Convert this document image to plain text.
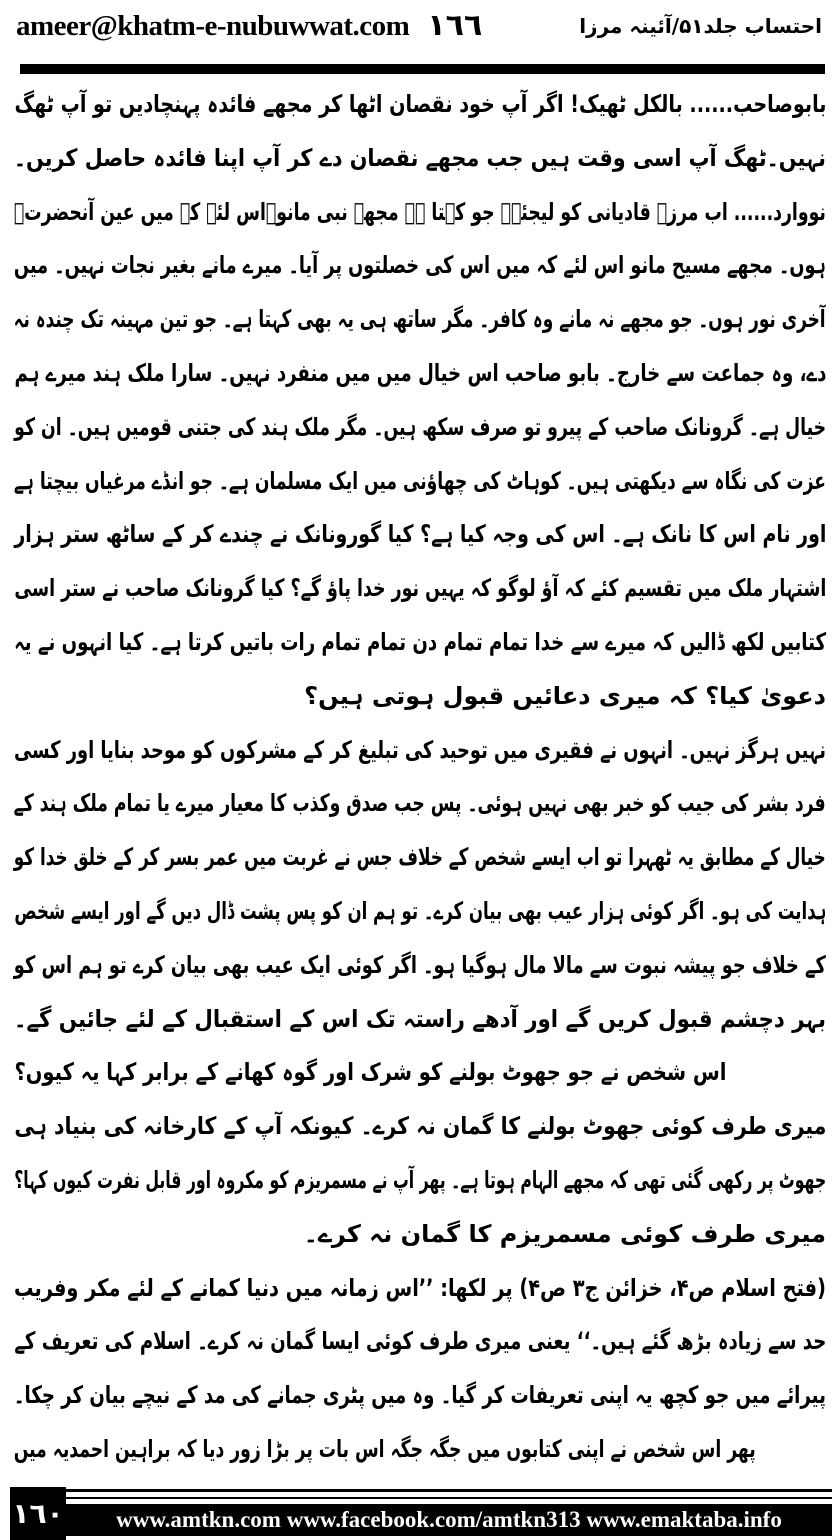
ameer@khatm-e-nubuwwat.com ١٦٦	احتساب جلد۵۱/آئینہ مرزا
بابوصاحب...... بالکل ٹھیک! اگر آپ خود نقصان اٹھا کر مجھے فائدہ پہنچادیں تو آپ ٹھگ
نہیں۔ٹھگ آپ اسی وقت ہیں جب مجھے نقصان دے کر آپ اپنا فائدہ حاصل کریں۔
نووارد...... اب مرزے قادیانی کو لیجئے۔ جو کہتا ہے مجھے نبی مانو۔اس لئے کہ میں عین آنحضرتؐ
ہوں۔ مجھے مسیح مانو اس لئے کہ میں اس کی خصلتوں پر آیا۔ میرے مانے بغیر نجات نہیں۔ میں
آخری نور ہوں۔ جو مجھے نہ مانے وہ کافر۔ مگر ساتھ ہی یہ بھی کہتا ہے۔ جو تین مہینہ تک چندہ نہ
دے، وہ جماعت سے خارج۔ بابو صاحب اس خیال میں میں منفرد نہیں۔ سارا ملک ہند میرے ہم
خیال ہے۔ گرونانک صاحب کے پیرو تو صرف سکھ ہیں۔ مگر ملک ہند کی جتنی قومیں ہیں۔ ان کو
عزت کی نگاہ سے دیکھتی ہیں۔ کوہاٹ کی چھاؤنی میں ایک مسلمان ہے۔ جو انڈے مرغیاں بیچتا ہے
اور نام اس کا نانک ہے۔ اس کی وجہ کیا ہے؟ کیا گورونانک نے چندے کر کے ساٹھ ستر ہزار
اشتہار ملک میں تقسیم کئے کہ آؤ لوگو کہ یہیں نور خدا پاؤ گے؟ کیا گرونانک صاحب نے ستر اسی
کتابیں لکھ ڈالیں کہ میرے سے خدا تمام تمام دن تمام تمام رات باتیں کرتا ہے۔ کیا انہوں نے یہ
دعویٰ کیا؟ کہ میری دعائیں قبول ہوتی ہیں؟
نہیں ہرگز نہیں۔ انہوں نے فقیری میں توحید کی تبلیغ کر کے مشرکوں کو موحد بنایا اور کسی
فرد بشر کی جیب کو خبر بھی نہیں ہوئی۔ پس جب صدق وکذب کا معیار میرے یا تمام ملک ہند کے
خیال کے مطابق یہ ٹھہرا تو اب ایسے شخص کے خلاف جس نے غربت میں عمر بسر کر کے خلق خدا کو
ہدایت کی ہو۔ اگر کوئی ہزار عیب بھی بیان کرے۔ تو ہم ان کو پس پشت ڈال دیں گے اور ایسے شخص
کے خلاف جو پیشہ نبوت سے مالا مال ہوگیا ہو۔ اگر کوئی ایک عیب بھی بیان کرے تو ہم اس کو
بہر دچشم قبول کریں گے اور آدھے راستہ تک اس کے استقبال کے لئے جائیں گے۔
اس شخص نے جو جھوٹ بولنے کو شرک اور گوہ کھانے کے برابر کہا یہ کیوں؟
میری طرف کوئی جھوٹ بولنے کا گمان نہ کرے۔ کیونکہ آپ کے کارخانہ کی بنیاد ہی
جھوٹ پر رکھی گئی تھی کہ مجھے الہام ہوتا ہے۔ پھر آپ نے مسمریزم کو مکروہ اور قابل نفرت کیوں کہا؟
میری طرف کوئی مسمریزم کا گمان نہ کرے۔
(فتح اسلام ص۴، خزائن ج۳ ص۴) پر لکھا: ’’اس زمانہ میں دنیا کمانے کے لئے مکر وفریب
حد سے زیادہ بڑھ گئے ہیں۔‘‘ یعنی میری طرف کوئی ایسا گمان نہ کرے۔ اسلام کی تعریف کے
پیرائے میں جو کچھ یہ اپنی تعریفات کر گیا۔ وہ میں پٹری جمانے کی مد کے نیچے بیان کر چکا۔
پھر اس شخص نے اپنی کتابوں میں جگہ جگہ اس بات پر بڑا زور دیا کہ براہین احمدیہ میں
١٦٠	www.amtkn.com www.facebook.com/amtkn313 www.emaktaba.info
